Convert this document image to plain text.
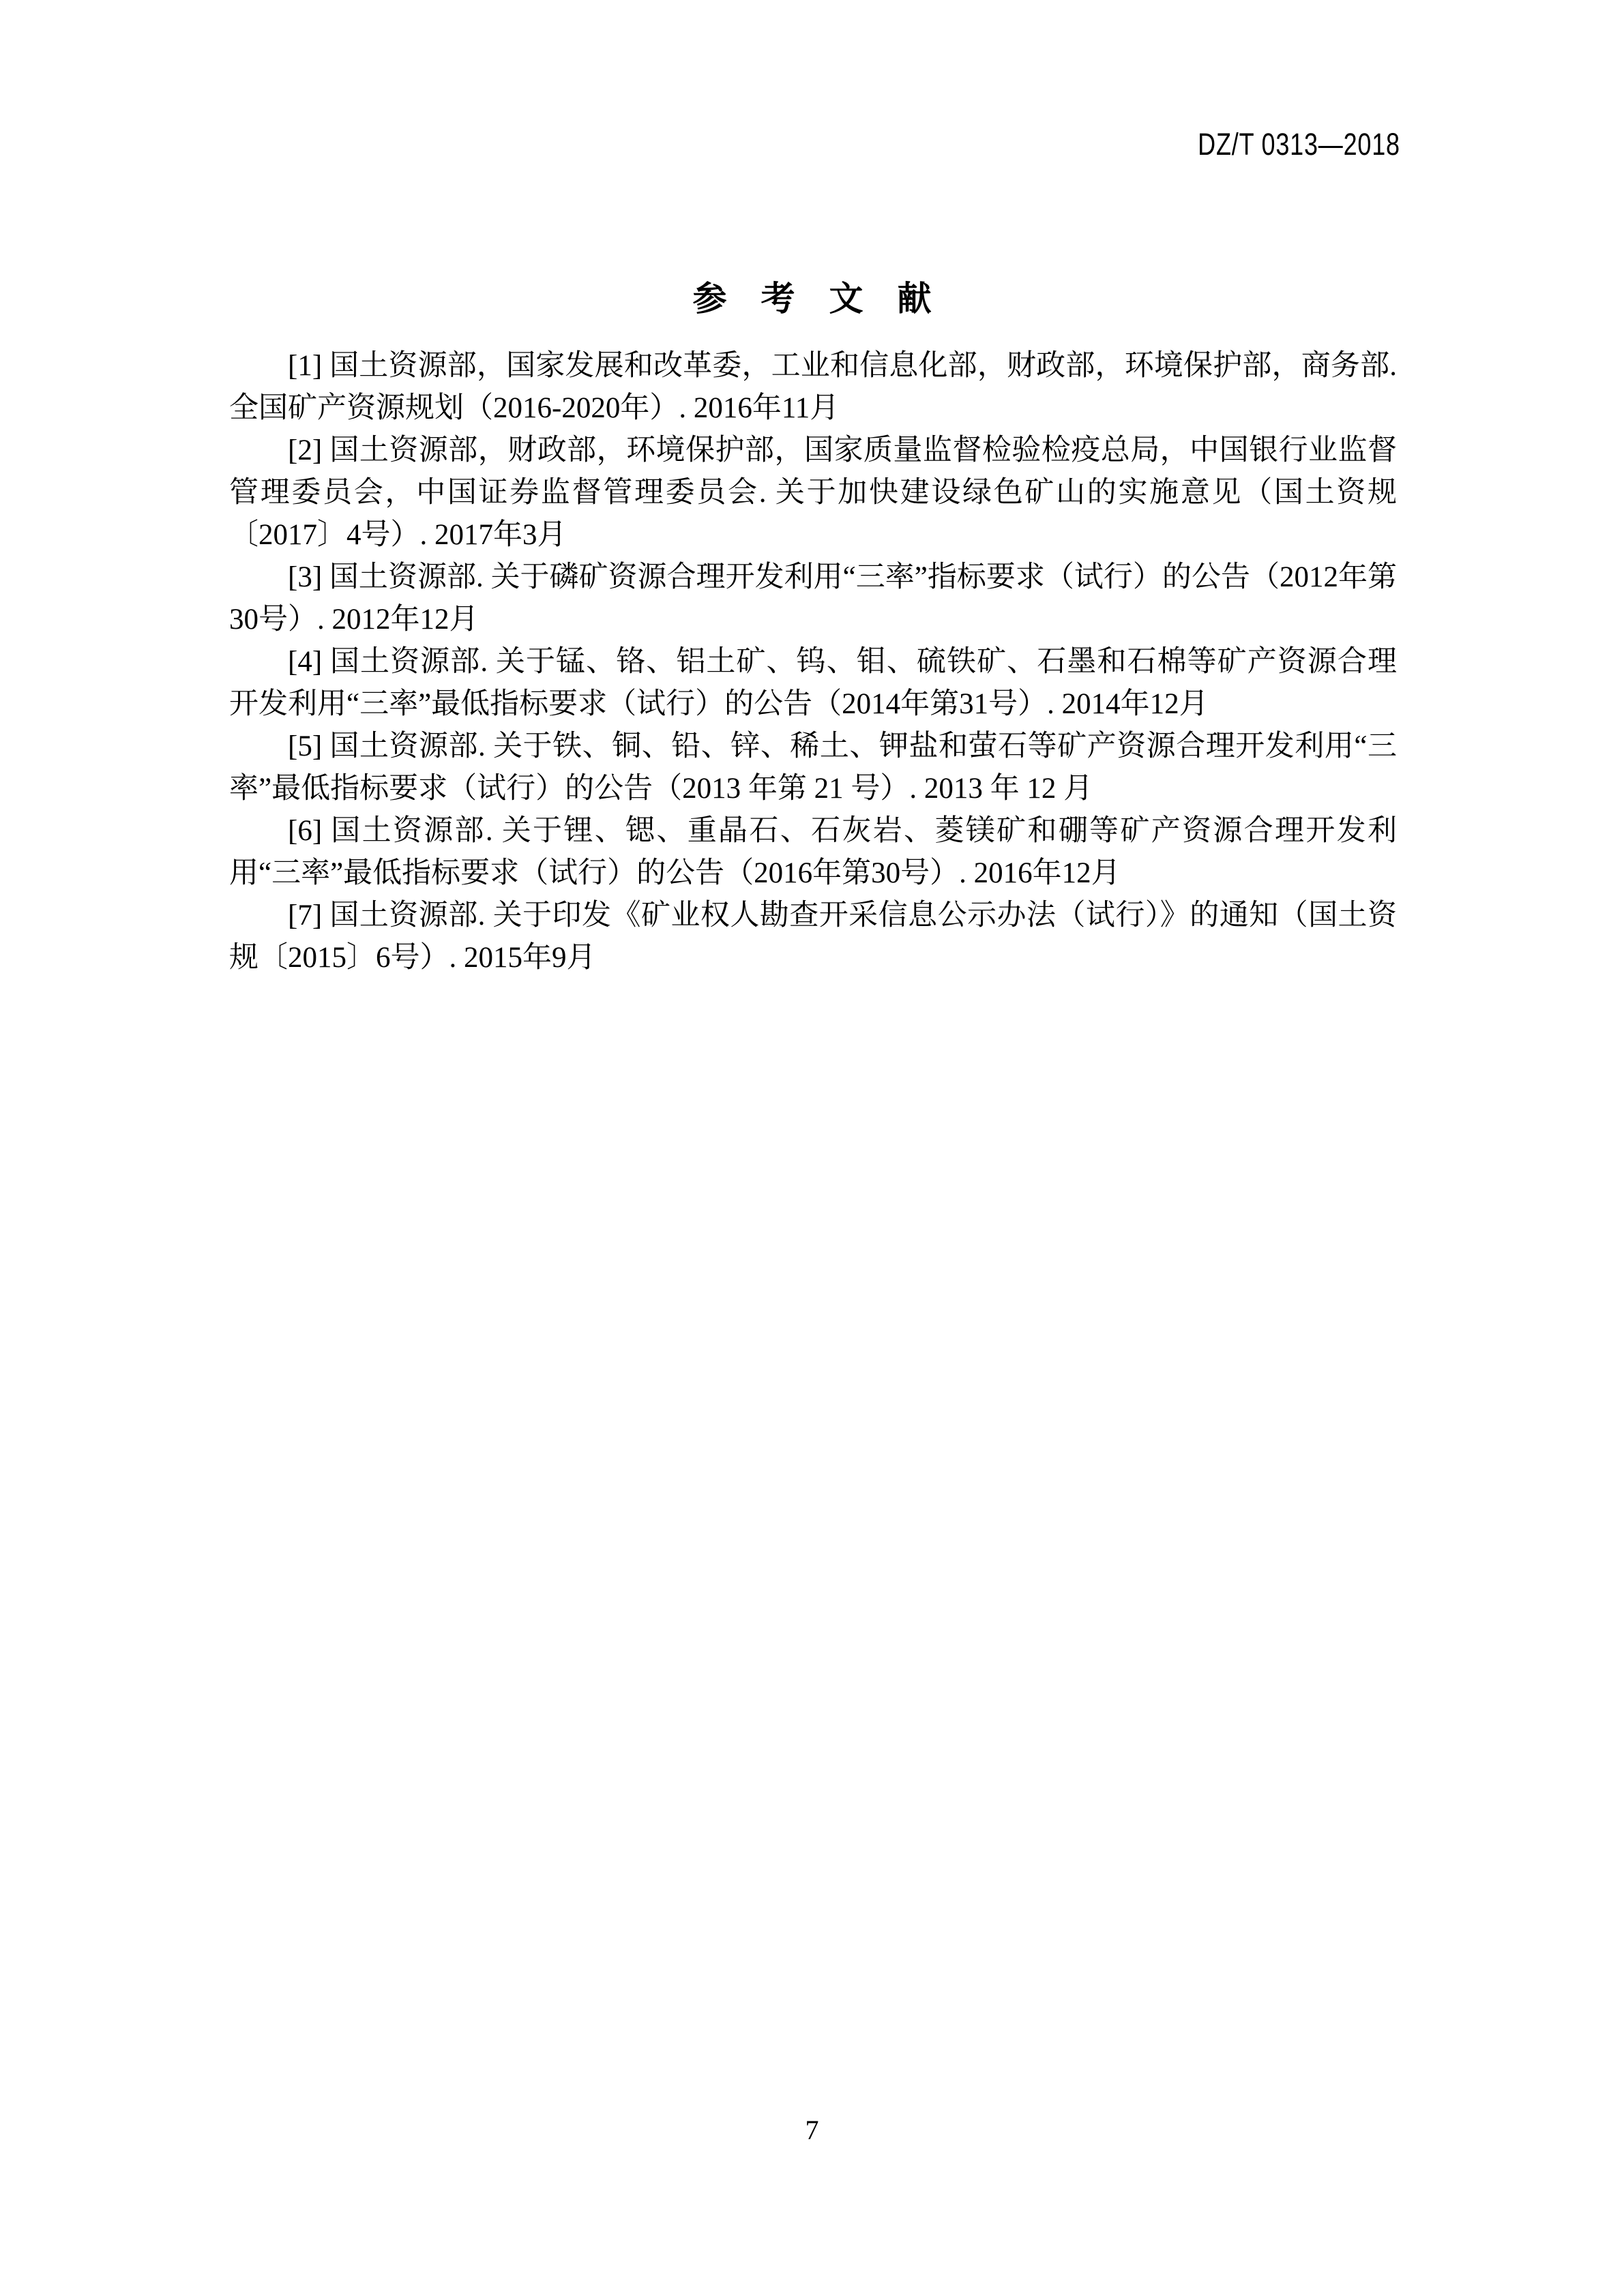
DZ/T 0313—2018
参　考　文　献

[1] 国土资源部，国家发展和改革委，工业和信息化部，财政部，环境保护部，商务部. 全国矿产资源规划（2016-2020年）. 2016年11月

[2] 国土资源部，财政部，环境保护部，国家质量监督检验检疫总局，中国银行业监督管理委员会，中国证券监督管理委员会. 关于加快建设绿色矿山的实施意见（国土资规〔2017〕4号）. 2017年3月

[3] 国土资源部. 关于磷矿资源合理开发利用“三率”指标要求（试行）的公告（2012年第30号）. 2012年12月

[4] 国土资源部. 关于锰、铬、铝土矿、钨、钼、硫铁矿、石墨和石棉等矿产资源合理开发利用“三率”最低指标要求（试行）的公告（2014年第31号）. 2014年12月

[5] 国土资源部. 关于铁、铜、铅、锌、稀土、钾盐和萤石等矿产资源合理开发利用“三率”最低指标要求（试行）的公告（2013 年第 21 号）. 2013 年 12 月

[6] 国土资源部. 关于锂、锶、重晶石、石灰岩、菱镁矿和硼等矿产资源合理开发利用“三率”最低指标要求（试行）的公告（2016年第30号）. 2016年12月

[7] 国土资源部. 关于印发《矿业权人勘查开采信息公示办法（试行）》的通知（国土资规〔2015〕6号）. 2015年9月

7
